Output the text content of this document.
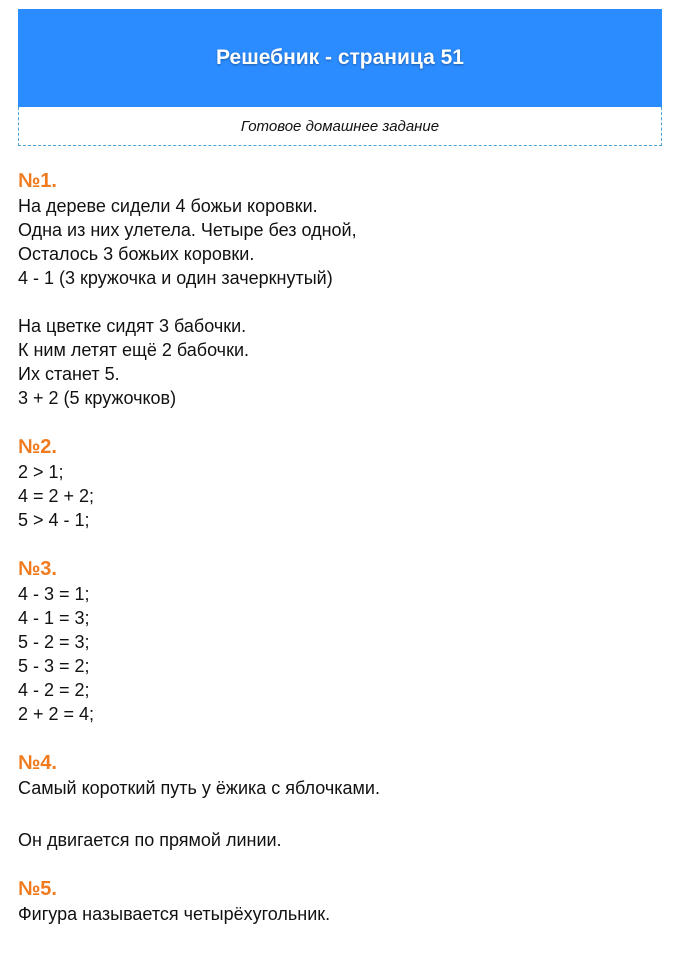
Решебник - страница 51
Готовое домашнее задание
№1.
На дереве сидели 4 божьи коровки.
Одна из них улетела. Четыре без одной,
Осталось 3 божьих коровки.
4 - 1 (3 кружочка и один зачеркнутый)
На цветке сидят 3 бабочки.
К ним летят ещё 2 бабочки.
Их станет 5.
3 + 2 (5 кружочков)
№2.
2 > 1;
4 = 2 + 2;
5 > 4 - 1;
№3.
4 - 3 = 1;
4 - 1 = 3;
5 - 2 = 3;
5 - 3 = 2;
4 - 2 = 2;
2 + 2 = 4;
№4.
Самый короткий путь у ёжика с яблочками.
Он двигается по прямой линии.
№5.
Фигура называется четырёхугольник.
